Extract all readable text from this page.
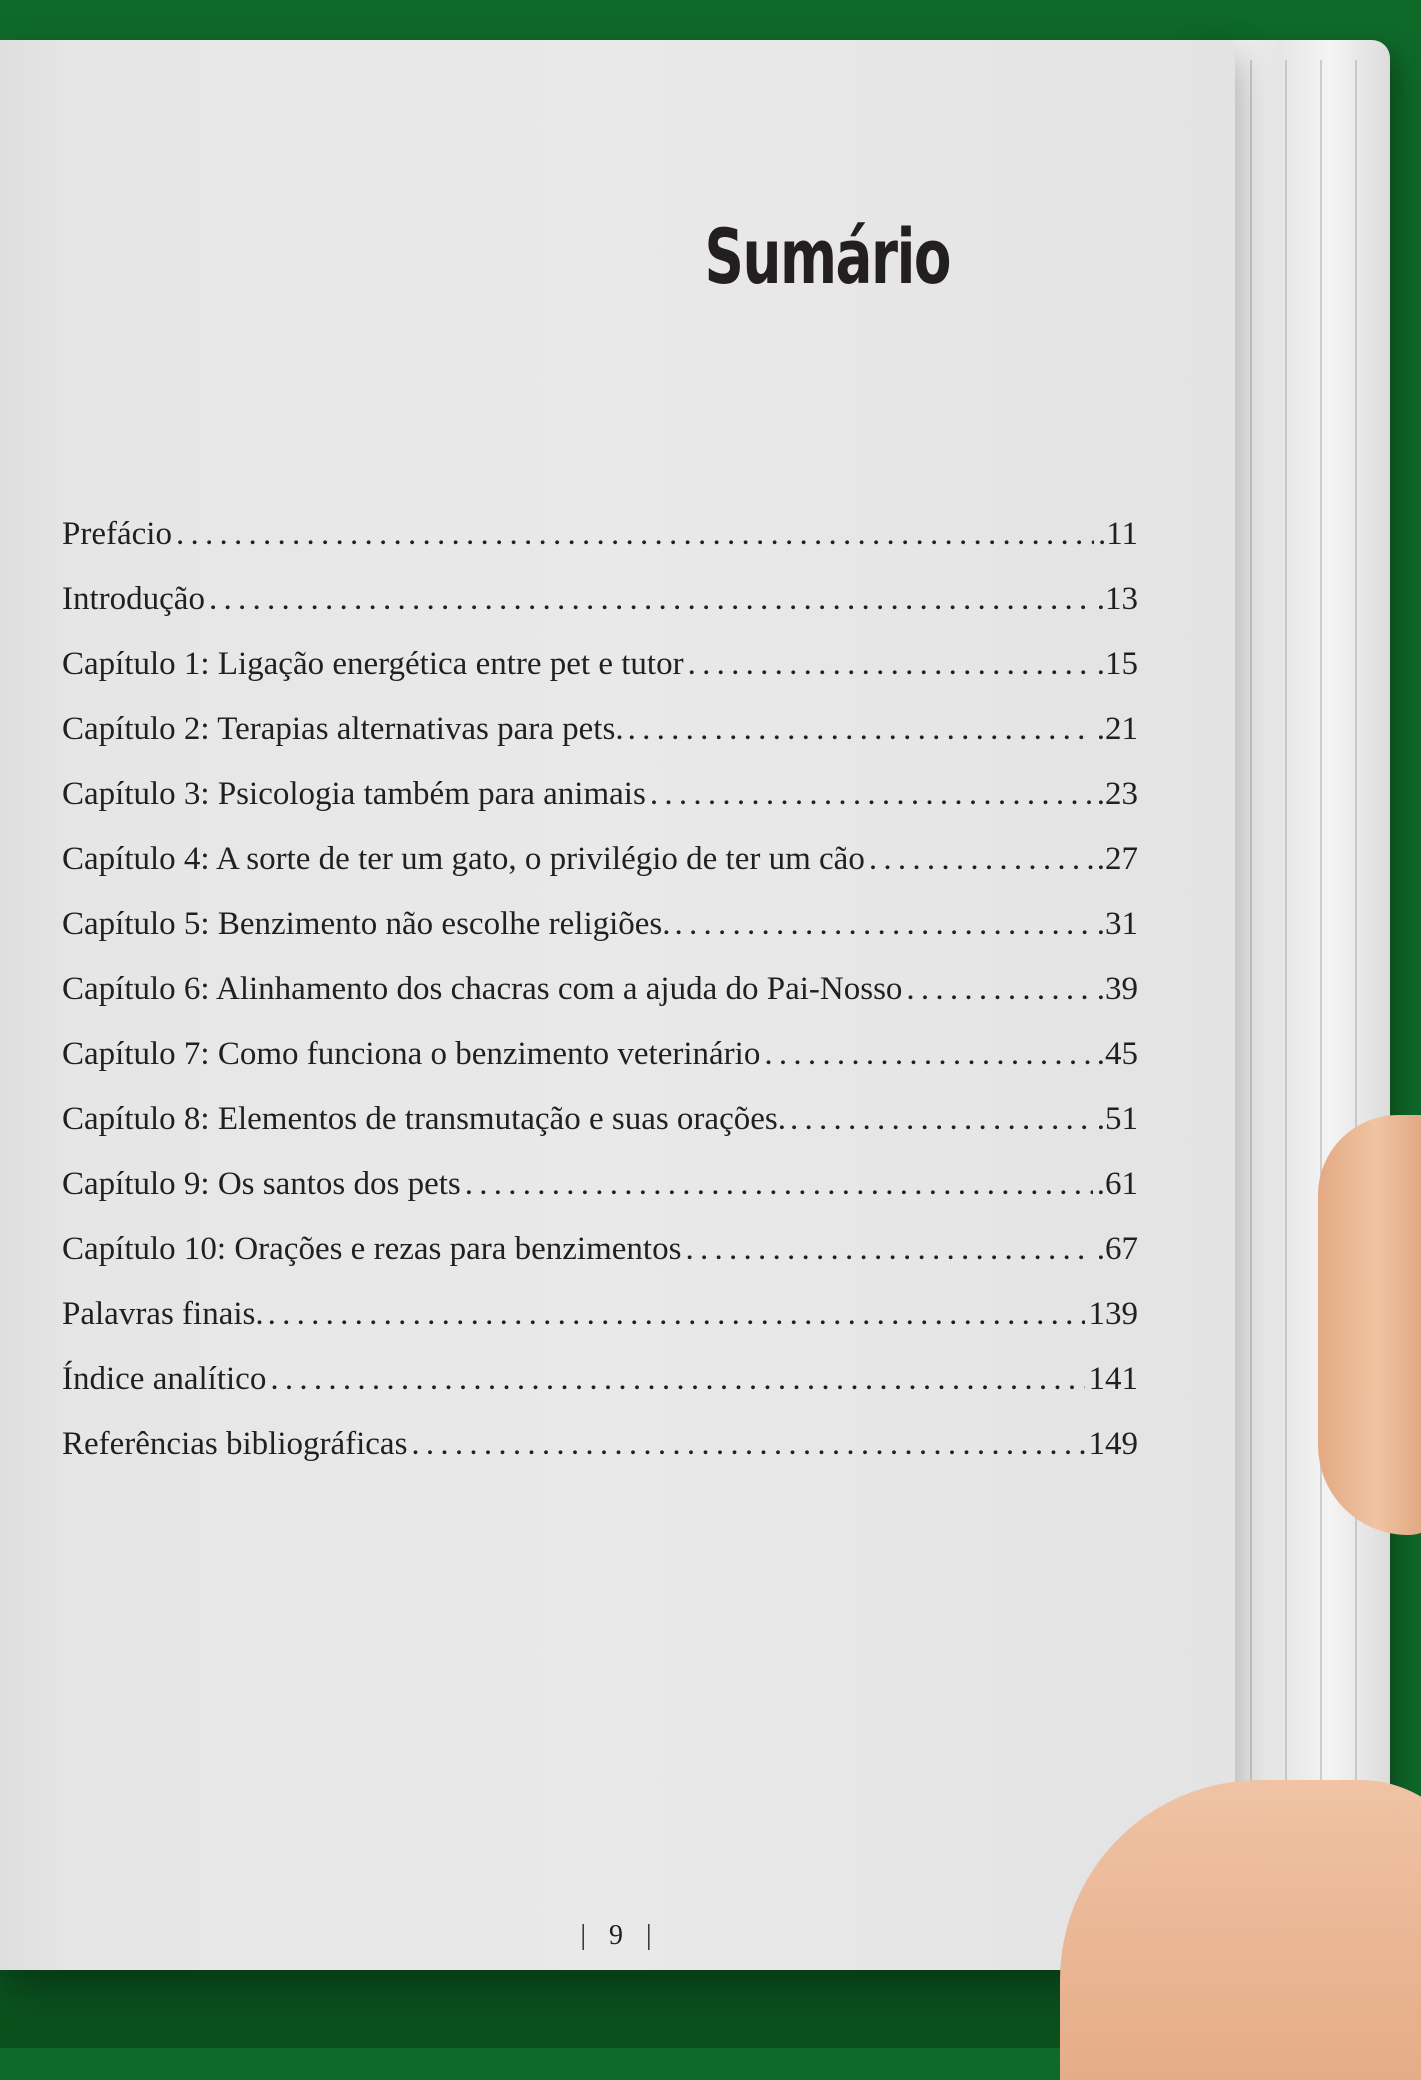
Sumário
Prefácio . . .	.11
Introdução . . .	.13
Capítulo 1: Ligação energética entre pet e tutor . . .	.15
Capítulo 2: Terapias alternativas para pets. . . .	.21
Capítulo 3: Psicologia também para animais . . .	.23
Capítulo 4: A sorte de ter um gato, o privilégio de ter um cão . . .	.27
Capítulo 5: Benzimento não escolhe religiões. . . .	.31
Capítulo 6: Alinhamento dos chacras com a ajuda do Pai-Nosso . . .	.39
Capítulo 7: Como funciona o benzimento veterinário . . .	.45
Capítulo 8: Elementos de transmutação e suas orações. . . .	.51
Capítulo 9: Os santos dos pets . . .	.61
Capítulo 10: Orações e rezas para benzimentos . . .	.67
Palavras finais. . . .	139
Índice analítico . . .	141
Referências bibliográficas . . .	149
| 9 |
